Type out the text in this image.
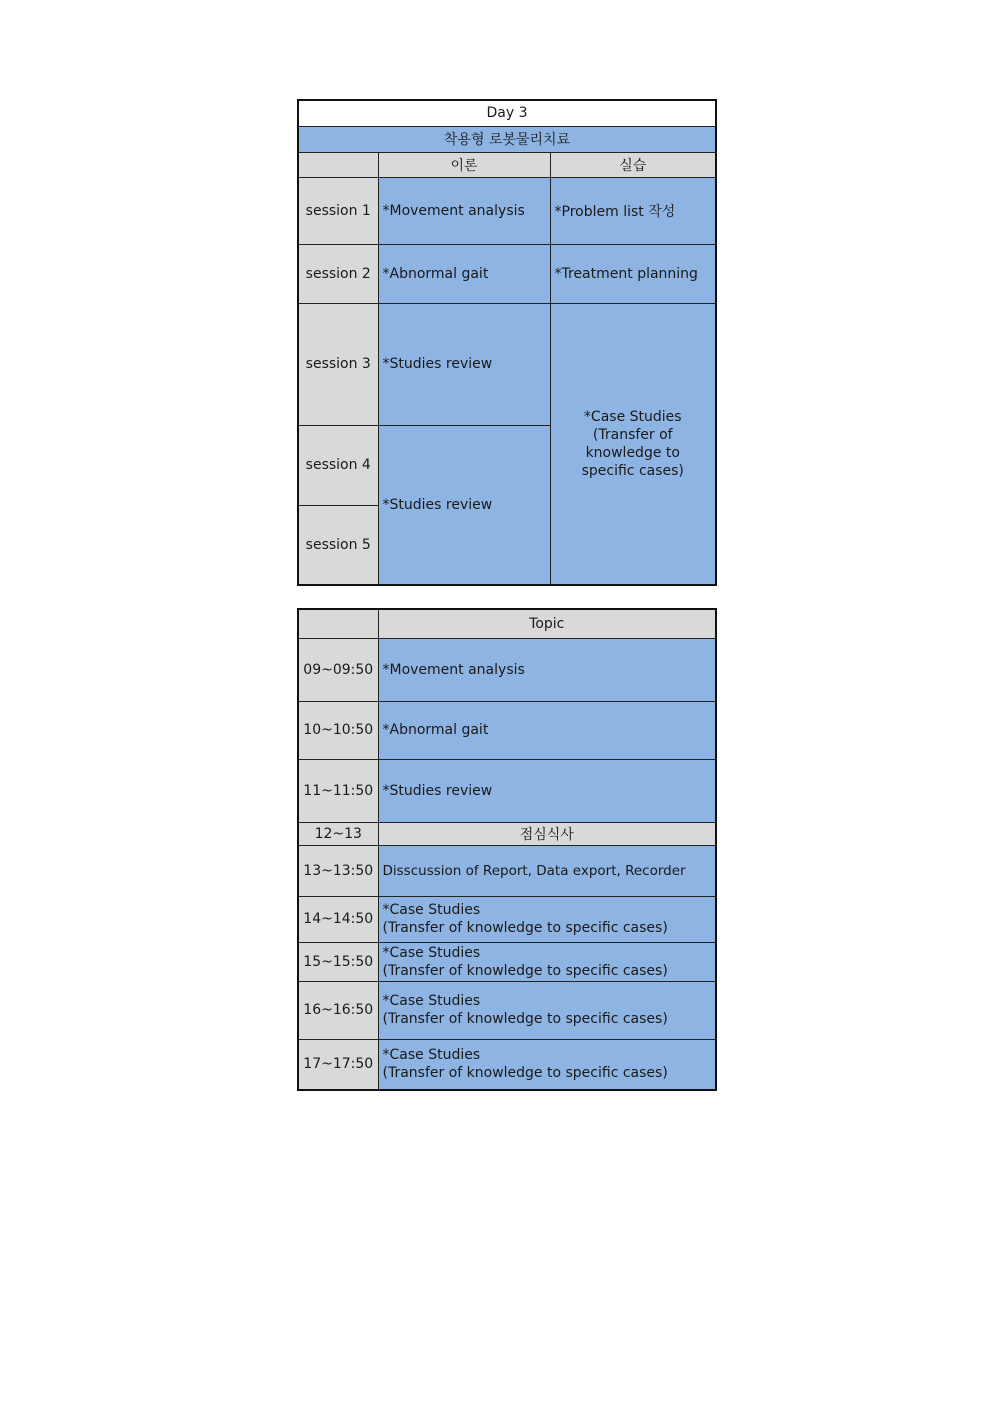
Day 3		
착용형 로봇물리치료		
	이론	실습
session 1	*Movement analysis	*Problem list 작성
session 2	*Abnormal gait	*Treatment planning
session 3	*Studies review	*Case Studies
(Transfer of
knowledge to
specific cases)
session 4	*Studies review	
session 5		
	Topic
09~09:50	*Movement analysis
10~10:50	*Abnormal gait
11~11:50	*Studies review
12~13	점심식사
13~13:50	Disscussion of Report, Data export, Recorder
14~14:50	*Case Studies
(Transfer of knowledge to specific cases)
15~15:50	*Case Studies
(Transfer of knowledge to specific cases)
16~16:50	*Case Studies
(Transfer of knowledge to specific cases)
17~17:50	*Case Studies
(Transfer of knowledge to specific cases)
